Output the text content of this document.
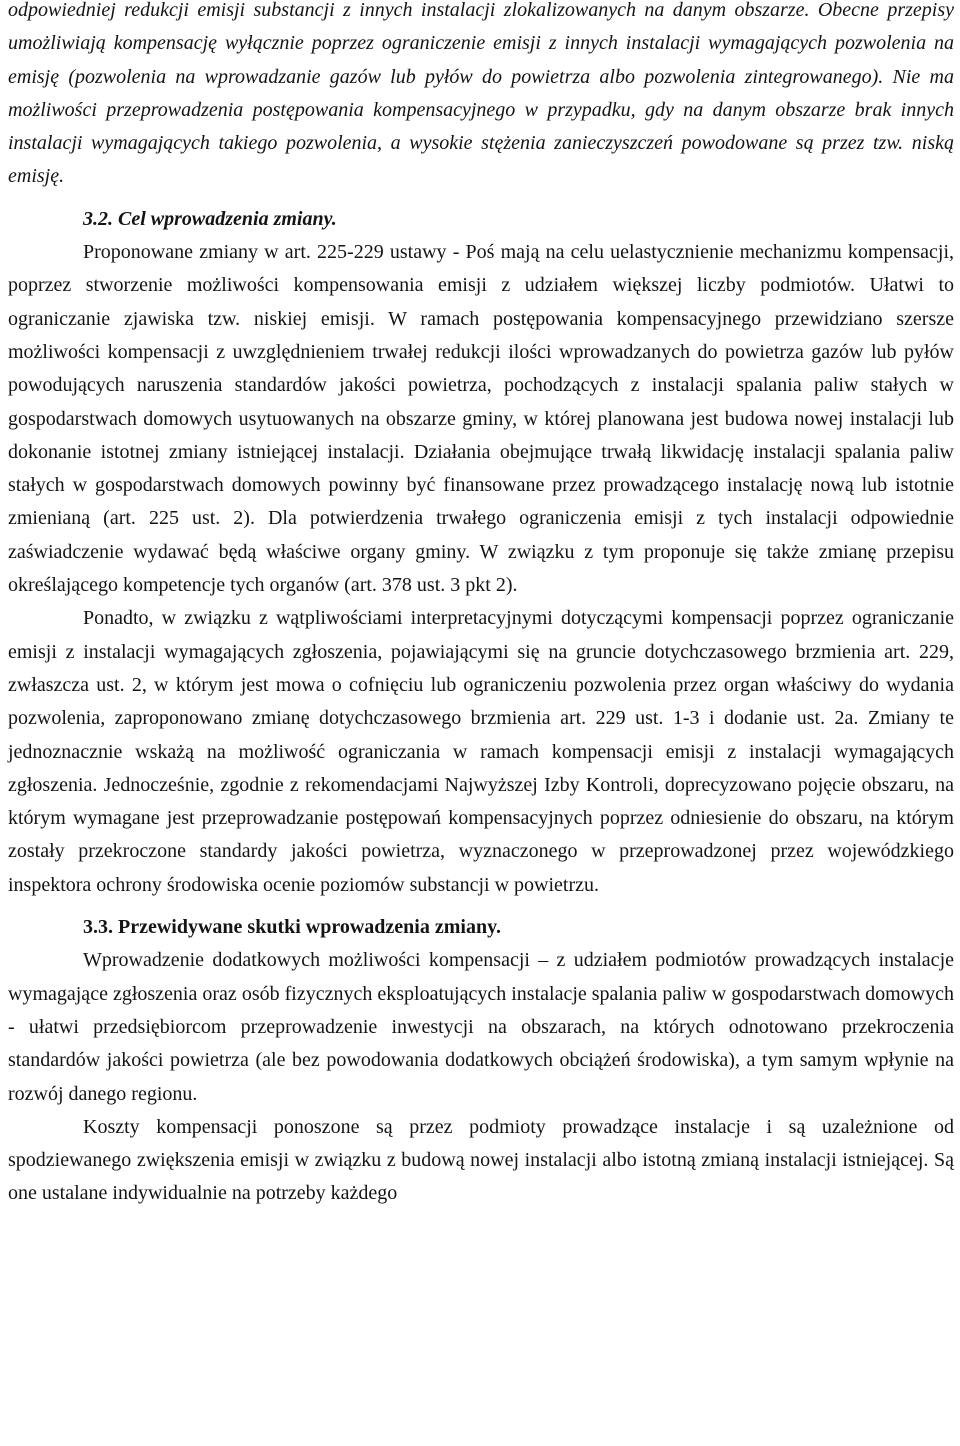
odpowiedniej redukcji emisji substancji z innych instalacji zlokalizowanych na danym obszarze. Obecne przepisy umożliwiają kompensację wyłącznie poprzez ograniczenie emisji z innych instalacji wymagających pozwolenia na emisję (pozwolenia na wprowadzanie gazów lub pyłów do powietrza albo pozwolenia zintegrowanego). Nie ma możliwości przeprowadzenia postępowania kompensacyjnego w przypadku, gdy na danym obszarze brak innych instalacji wymagających takiego pozwolenia, a wysokie stężenia zanieczyszczeń powodowane są przez tzw. niską emisję.

3.2. Cel wprowadzenia zmiany.

Proponowane zmiany w art. 225-229 ustawy - Poś mają na celu uelastycznienie mechanizmu kompensacji, poprzez stworzenie możliwości kompensowania emisji z udziałem większej liczby podmiotów. Ułatwi to ograniczanie zjawiska tzw. niskiej emisji. W ramach postępowania kompensacyjnego przewidziano szersze możliwości kompensacji z uwzględnieniem trwałej redukcji ilości wprowadzanych do powietrza gazów lub pyłów powodujących naruszenia standardów jakości powietrza, pochodzących z instalacji spalania paliw stałych w gospodarstwach domowych usytuowanych na obszarze gminy, w której planowana jest budowa nowej instalacji lub dokonanie istotnej zmiany istniejącej instalacji. Działania obejmujące trwałą likwidację instalacji spalania paliw stałych w gospodarstwach domowych powinny być finansowane przez prowadzącego instalację nową lub istotnie zmienianą (art. 225 ust. 2). Dla potwierdzenia trwałego ograniczenia emisji z tych instalacji odpowiednie zaświadczenie wydawać będą właściwe organy gminy. W związku z tym proponuje się także zmianę przepisu określającego kompetencje tych organów (art. 378 ust. 3 pkt 2).

Ponadto, w związku z wątpliwościami interpretacyjnymi dotyczącymi kompensacji poprzez ograniczanie emisji z instalacji wymagających zgłoszenia, pojawiającymi się na gruncie dotychczasowego brzmienia art. 229, zwłaszcza ust. 2, w którym jest mowa o cofnięciu lub ograniczeniu pozwolenia przez organ właściwy do wydania pozwolenia, zaproponowano zmianę dotychczasowego brzmienia art. 229 ust. 1-3 i dodanie ust. 2a. Zmiany te jednoznacznie wskażą na możliwość ograniczania w ramach kompensacji emisji z instalacji wymagających zgłoszenia. Jednocześnie, zgodnie z rekomendacjami Najwyższej Izby Kontroli, doprecyzowano pojęcie obszaru, na którym wymagane jest przeprowadzanie postępowań kompensacyjnych poprzez odniesienie do obszaru, na którym zostały przekroczone standardy jakości powietrza, wyznaczonego w przeprowadzonej przez wojewódzkiego inspektora ochrony środowiska ocenie poziomów substancji w powietrzu.

3.3. Przewidywane skutki wprowadzenia zmiany.

Wprowadzenie dodatkowych możliwości kompensacji – z udziałem podmiotów prowadzących instalacje wymagające zgłoszenia oraz osób fizycznych eksploatujących instalacje spalania paliw w gospodarstwach domowych - ułatwi przedsiębiorcom przeprowadzenie inwestycji na obszarach, na których odnotowano przekroczenia standardów jakości powietrza (ale bez powodowania dodatkowych obciążeń środowiska), a tym samym wpłynie na rozwój danego regionu.

Koszty kompensacji ponoszone są przez podmioty prowadzące instalacje i są uzależnione od spodziewanego zwiększenia emisji w związku z budową nowej instalacji albo istotną zmianą instalacji istniejącej. Są one ustalane indywidualnie na potrzeby każdego
